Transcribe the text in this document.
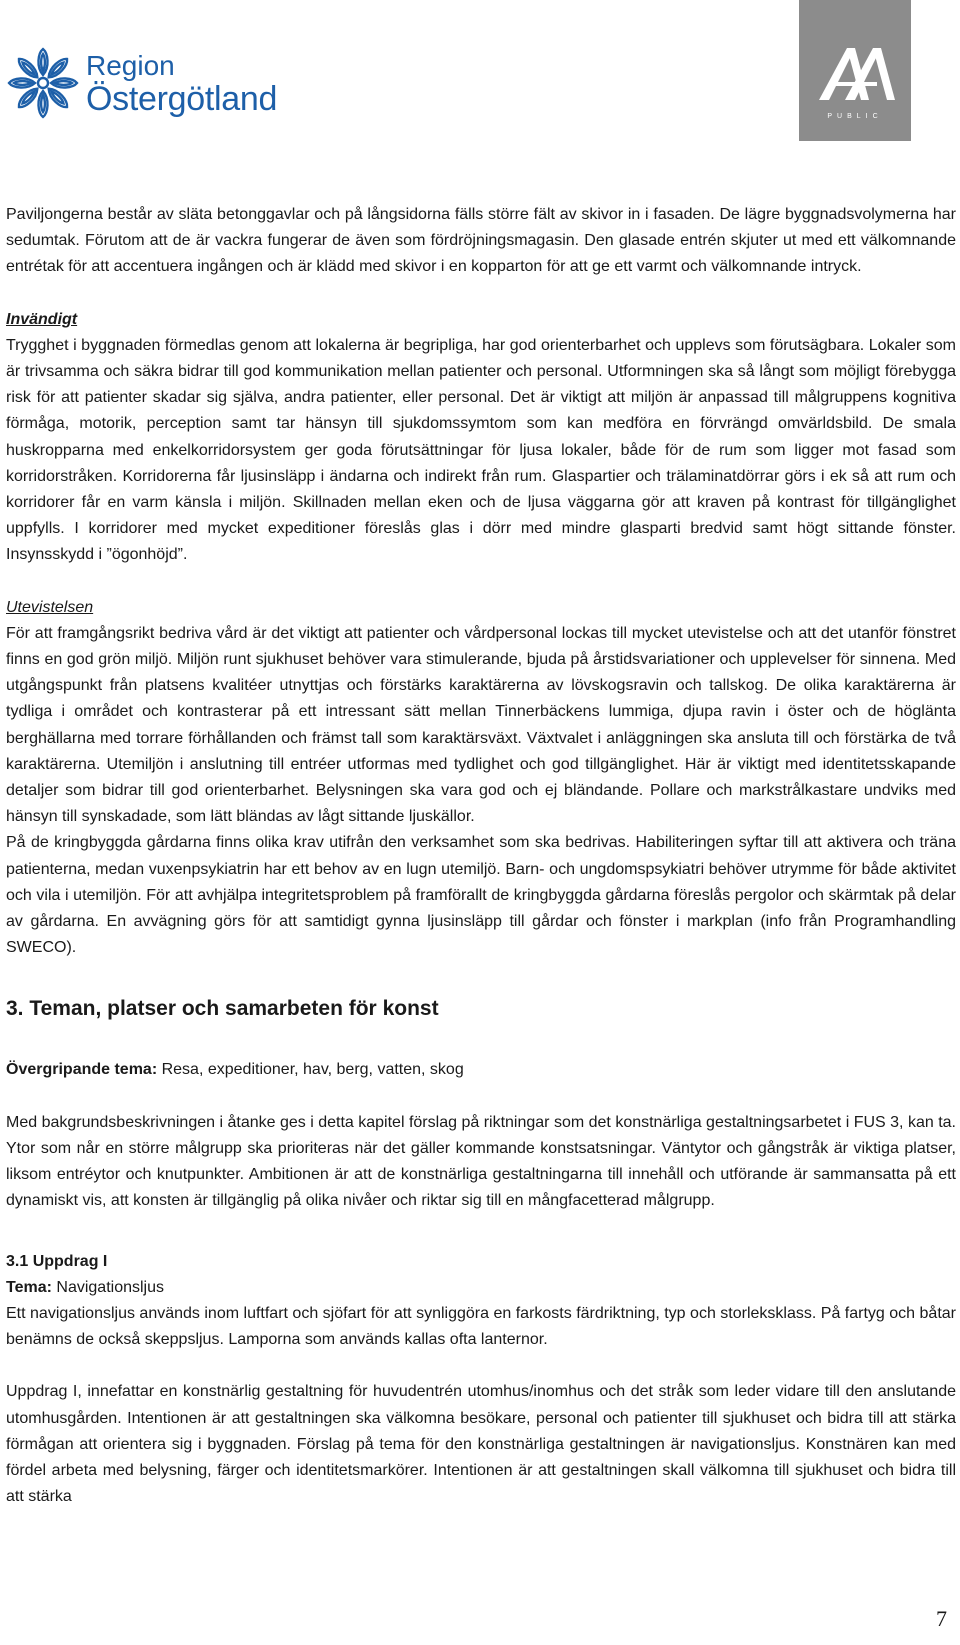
Region
Östergötland	PUBLIC

Paviljongerna består av släta betonggavlar och på långsidorna fälls större fält av skivor in i fasaden. De lägre byggnadsvolymerna har sedumtak. Förutom att de är vackra fungerar de även som fördröjningsmagasin. Den glasade entrén skjuter ut med ett välkomnande entrétak för att accentuera ingången och är klädd med skivor i en kopparton för att ge ett varmt och välkomnande intryck.

Invändigt

Trygghet i byggnaden förmedlas genom att lokalerna är begripliga, har god orienterbarhet och upplevs som förutsägbara. Lokaler som är trivsamma och säkra bidrar till god kommunikation mellan patienter och personal. Utformningen ska så långt som möjligt förebygga risk för att patienter skadar sig själva, andra patienter, eller personal. Det är viktigt att miljön är anpassad till målgruppens kognitiva förmåga, motorik, perception samt tar hänsyn till sjukdomssymtom som kan medföra en förvrängd omvärldsbild. De smala huskropparna med enkelkorridorsystem ger goda förutsättningar för ljusa lokaler, både för de rum som ligger mot fasad som korridorstråken. Korridorerna får ljusinsläpp i ändarna och indirekt från rum. Glaspartier och trälaminatdörrar görs i ek så att rum och korridorer får en varm känsla i miljön. Skillnaden mellan eken och de ljusa väggarna gör att kraven på kontrast för tillgänglighet uppfylls. I korridorer med mycket expeditioner föreslås glas i dörr med mindre glasparti bredvid samt högt sittande fönster. Insynsskydd i ”ögonhöjd”.

Utevistelsen

För att framgångsrikt bedriva vård är det viktigt att patienter och vårdpersonal lockas till mycket utevistelse och att det utanför fönstret finns en god grön miljö. Miljön runt sjukhuset behöver vara stimulerande, bjuda på årstidsvariationer och upplevelser för sinnena. Med utgångspunkt från platsens kvalitéer utnyttjas och förstärks karaktärerna av lövskogsravin och tallskog. De olika karaktärerna är tydliga i området och kontrasterar på ett intressant sätt mellan Tinnerbäckens lummiga, djupa ravin i öster och de höglänta berghällarna med torrare förhållanden och främst tall som karaktärsväxt. Växtvalet i anläggningen ska ansluta till och förstärka de två karaktärerna. Utemiljön i anslutning till entréer utformas med tydlighet och god tillgänglighet. Här är viktigt med identitetsskapande detaljer som bidrar till god orienterbarhet. Belysningen ska vara god och ej bländande. Pollare och markstrålkastare undviks med hänsyn till synskadade, som lätt bländas av lågt sittande ljuskällor.

På de kringbyggda gårdarna finns olika krav utifrån den verksamhet som ska bedrivas. Habiliteringen syftar till att aktivera och träna patienterna, medan vuxenpsykiatrin har ett behov av en lugn utemiljö. Barn- och ungdomspsykiatri behöver utrymme för både aktivitet och vila i utemiljön. För att avhjälpa integritetsproblem på framförallt de kringbyggda gårdarna föreslås pergolor och skärmtak på delar av gårdarna. En avvägning görs för att samtidigt gynna ljusinsläpp till gårdar och fönster i markplan (info från Programhandling SWECO).

3. Teman, platser och samarbeten för konst

Övergripande tema: Resa, expeditioner, hav, berg, vatten, skog

Med bakgrundsbeskrivningen i åtanke ges i detta kapitel förslag på riktningar som det konstnärliga gestaltningsarbetet i FUS 3, kan ta. Ytor som når en större målgrupp ska prioriteras när det gäller kommande konstsatsningar. Väntytor och gångstråk är viktiga platser, liksom entréytor och knutpunkter. Ambitionen är att de konstnärliga gestaltningarna till innehåll och utförande är sammansatta på ett dynamiskt vis, att konsten är tillgänglig på olika nivåer och riktar sig till en mångfacetterad målgrupp.

3.1 Uppdrag I

Tema: Navigationsljus

Ett navigationsljus används inom luftfart och sjöfart för att synliggöra en farkosts färdriktning, typ och storleksklass. På fartyg och båtar benämns de också skeppsljus. Lamporna som används kallas ofta lanternor.

Uppdrag I, innefattar en konstnärlig gestaltning för huvudentrén utomhus/inomhus och det stråk som leder vidare till den anslutande utomhusgården. Intentionen är att gestaltningen ska välkomna besökare, personal och patienter till sjukhuset och bidra till att stärka förmågan att orientera sig i byggnaden. Förslag på tema för den konstnärliga gestaltningen är navigationsljus. Konstnären kan med fördel arbeta med belysning, färger och identitetsmarkörer. Intentionen är att gestaltningen skall välkomna till sjukhuset och bidra till att stärka

7
